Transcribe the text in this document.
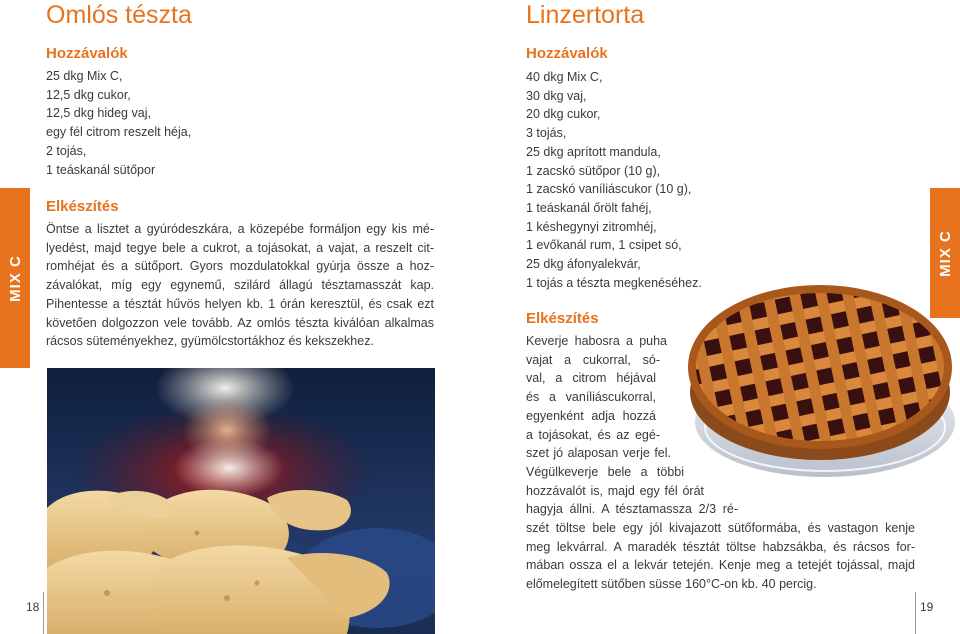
MIX C
Omlós tészta
Hozzávalók
25 dkg Mix C,
12,5 dkg cukor,
12,5 dkg hideg vaj,
egy fél citrom reszelt héja,
2 tojás,
1 teáskanál sütőpor
Elkészítés
Öntse a lisztet a gyúródeszkára, a közepébe formáljon egy kis mé-
lyedést, majd tegye bele a cukrot, a tojásokat, a vajat, a reszelt cit-
romhéjat és a sütőport. Gyors mozdulatokkal gyúrja össze a hoz-
závalókat, míg egy egynemű, szilárd állagú tésztamasszát kap.
Pihentesse a tésztát hűvös helyen kb. 1 órán keresztül, és csak ezt
követően dolgozzon vele tovább. Az omlós tészta kiválóan alkalmas
rácsos süteményekhez, gyümölcstortákhoz és kekszekhez.
18
Linzertorta
Hozzávalók
40 dkg Mix C,
30 dkg vaj,
20 dkg cukor,
3 tojás,
25 dkg aprított mandula,
1 zacskó sütőpor (10 g),
1 zacskó vaníliáscukor (10 g),
1 teáskanál őrölt fahéj,
1 késhegynyi zitromhéj,
1 evőkanál rum, 1 csipet só,
25 dkg áfonyalekvár,
1 tojás a tészta megkenéséhez.
Elkészítés
Keverje habosra a puha
vajat a cukorral, só-
val, a citrom héjával
és a vaníliáscukorral,
egyenként adja hozzá
a tojásokat, és az egé-
szet jó alaposan verje fel.
Végülkeverje bele a többi
hozzávalót is, majd egy fél órát
hagyja állni. A tésztamassza 2/3 ré-
szét töltse bele egy jól kivajazott sütőformába, és vastagon kenje
meg lekvárral. A maradék tésztát töltse habzsákba, és rácsos for-
mában ossza el a lekvár tetején. Kenje meg a tetejét tojással, majd
előmelegített sütőben süsse 160°C-on kb. 40 percig.
MIX C
19
